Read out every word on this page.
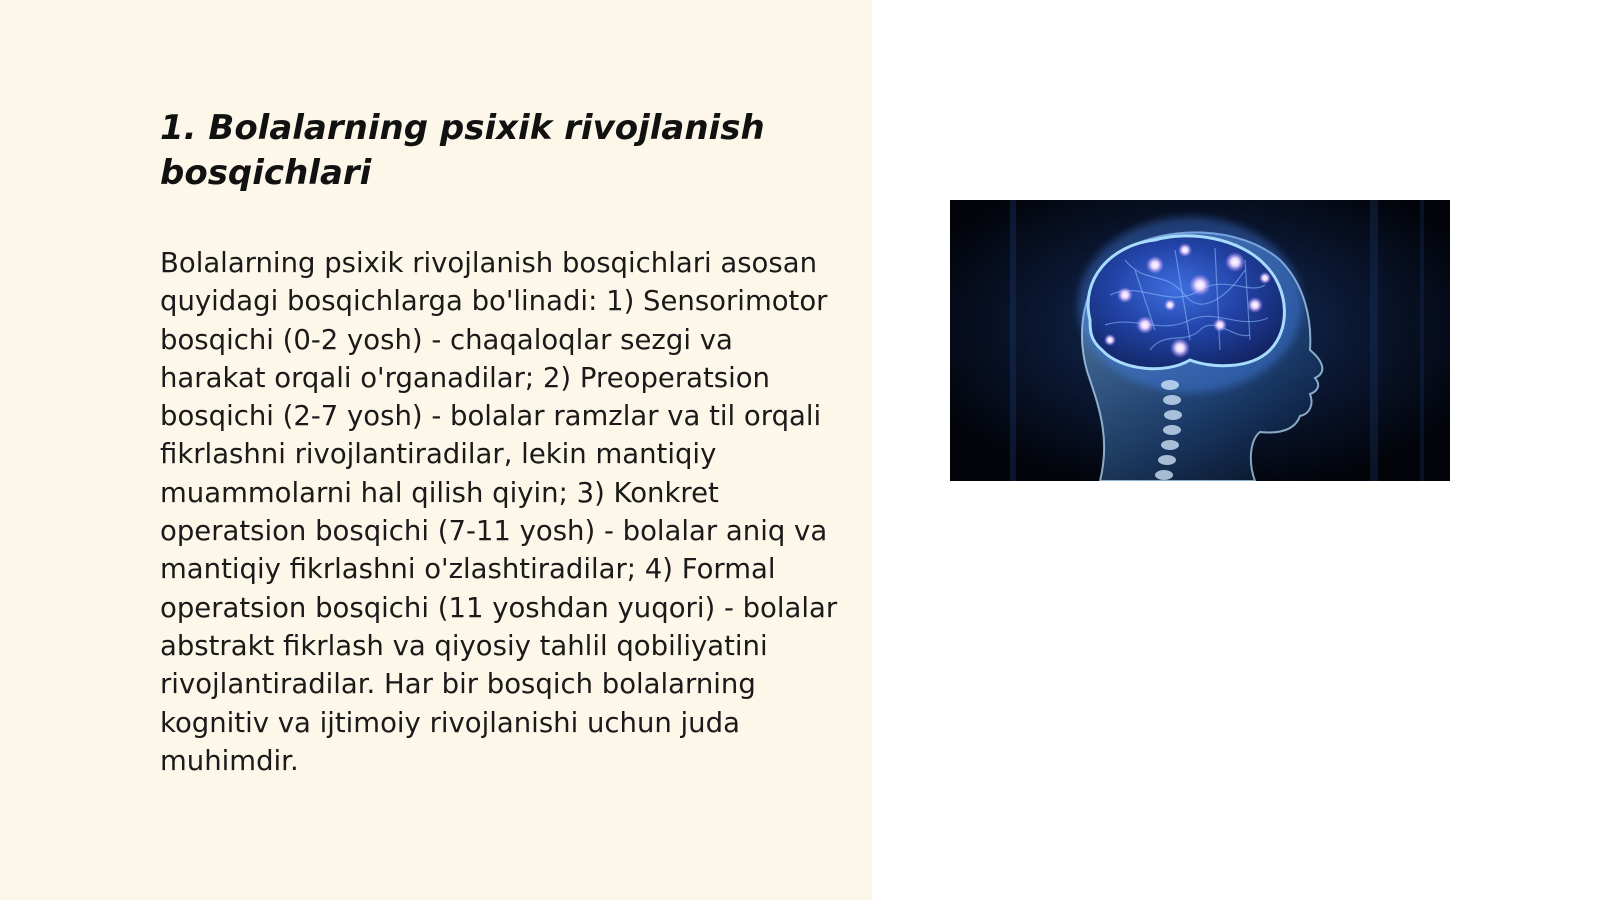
1. Bolalarning psixik rivojlanish bosqichlari

Bolalarning psixik rivojlanish bosqichlari asosan quyidagi bosqichlarga bo'linadi: 1) Sensorimotor bosqichi (0-2 yosh) - chaqaloqlar sezgi va harakat orqali o'rganadilar; 2) Preoperatsion bosqichi (2-7 yosh) - bolalar ramzlar va til orqali fikrlashni rivojlantiradilar, lekin mantiqiy muammolarni hal qilish qiyin; 3) Konkret operatsion bosqichi (7-11 yosh) - bolalar aniq va mantiqiy fikrlashni o'zlashtiradilar; 4) Formal operatsion bosqichi (11 yoshdan yuqori) - bolalar abstrakt fikrlash va qiyosiy tahlil qobiliyatini rivojlantiradilar. Har bir bosqich bolalarning kognitiv va ijtimoiy rivojlanishi uchun juda muhimdir.
